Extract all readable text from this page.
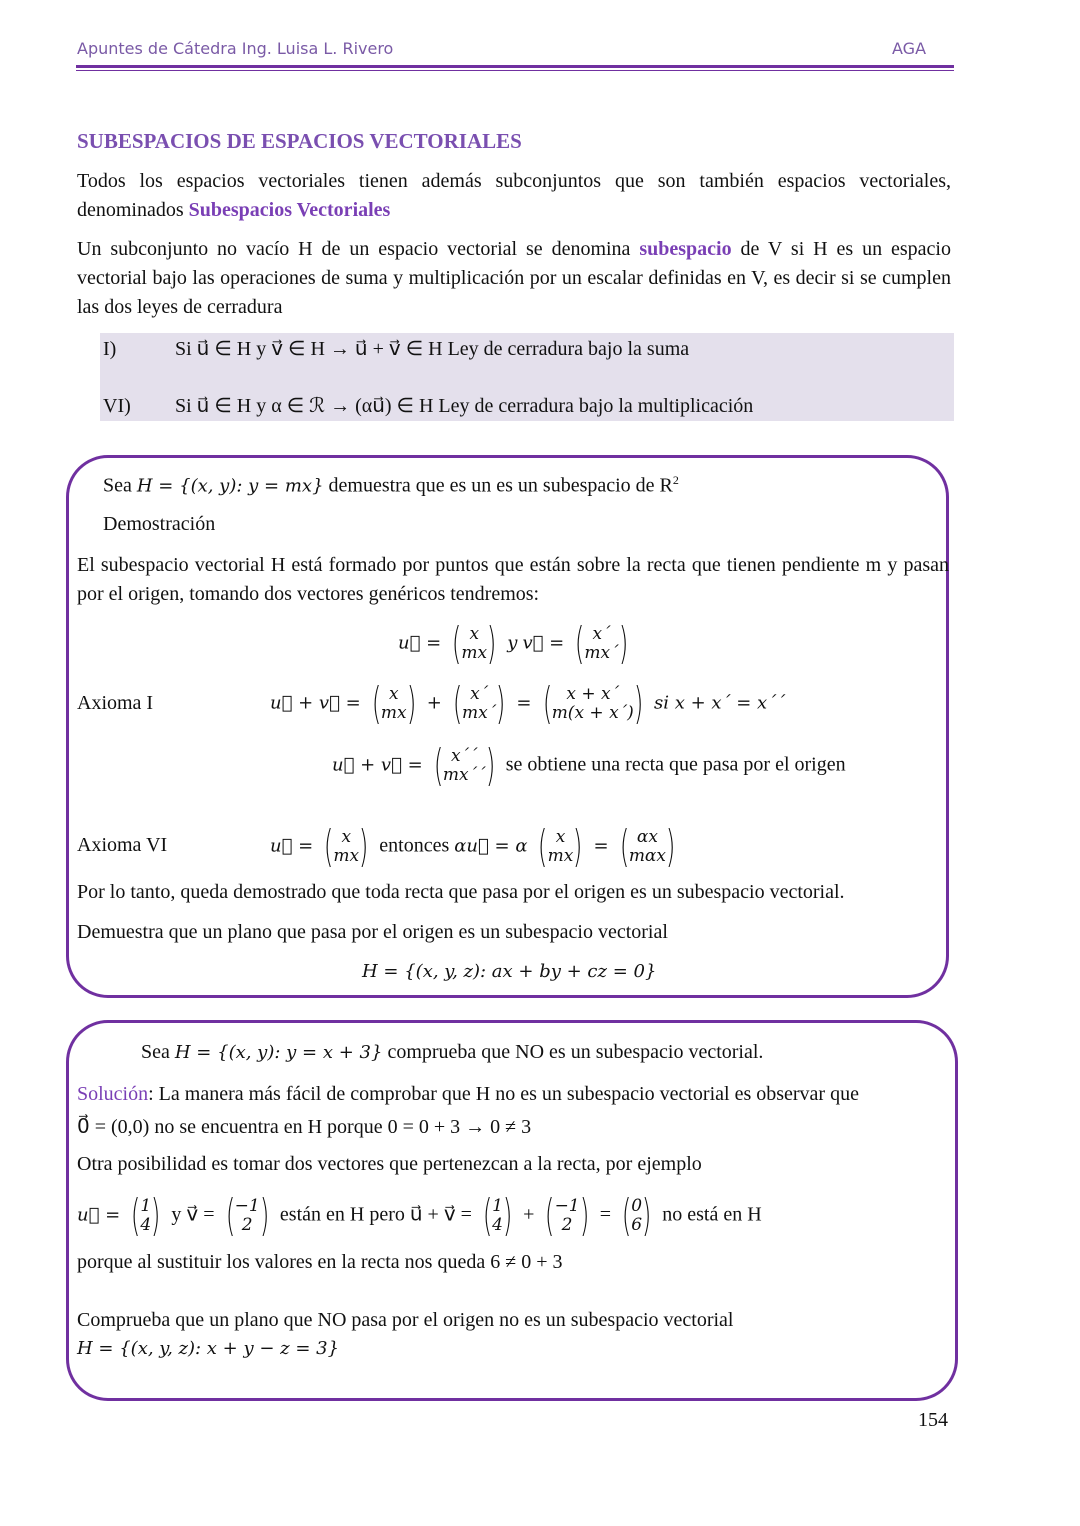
Apuntes de Cátedra Ing. Luisa L. Rivero	AGA
SUBESPACIOS DE ESPACIOS VECTORIALES
Todos los espacios vectoriales tienen además subconjuntos que son también espacios vectoriales, denominados Subespacios Vectoriales
Un subconjunto no vacío H de un espacio vectorial se denomina subespacio de V si H es un espacio vectorial bajo las operaciones de suma y multiplicación por un escalar definidas en V, es decir si se cumplen las dos leyes de cerradura
I)	Si u⃗ ∈ H y v⃗ ∈ H → u⃗ + v⃗ ∈ H Ley de cerradura bajo la suma
VI) Si u⃗ ∈ H y α ∈ ℛ → (αu⃗) ∈ H Ley de cerradura bajo la multiplicación
Sea H = {(x, y): y = mx} demuestra que es un es un subespacio de $R^2$
Demostración
El subespacio vectorial H está formado por puntos que están sobre la recta que tienen pendiente m y pasan por el origen, tomando dos vectores genéricos tendremos:
u⃗ = ( x
mx ) y v⃗ = ( x´
mx´ )
Axioma I	u⃗ + v⃗ = ( x
mx ) + ( x´
mx´ ) = ( x + x´
m(x + x´) ) si x + x´ = x´´
u⃗ + v⃗ = ( x´´
mx´´ ) se obtiene una recta que pasa por el origen
Axioma VI	u⃗ = ( x
mx ) entonces αu⃗ = α ( x
mx ) = ( αx
mαx )
Por lo tanto, queda demostrado que toda recta que pasa por el origen es un subespacio vectorial.
Demuestra que un plano que pasa por el origen es un subespacio vectorial
H = {(x, y, z): ax + by + cz = 0}
Sea H = {(x, y): y = x + 3} comprueba que NO es un subespacio vectorial.
Solución: La manera más fácil de comprobar que H no es un subespacio vectorial es observar que
0⃗ = (0,0) no se encuentra en H porque 0 = 0 + 3 → 0 ≠ 3
Otra posibilidad es tomar dos vectores que pertenezcan a la recta, por ejemplo
u⃗ = ( 1
4 ) y v⃗ = ( −1
2 ) están en H pero u⃗ + v⃗ = ( 1
4 ) + ( −1
2 ) = ( 0
6 ) no está en H
porque al sustituir los valores en la recta nos queda 6 ≠ 0 + 3
Comprueba que un plano que NO pasa por el origen no es un subespacio vectorial
H = {(x, y, z): x + y − z = 3}
154
